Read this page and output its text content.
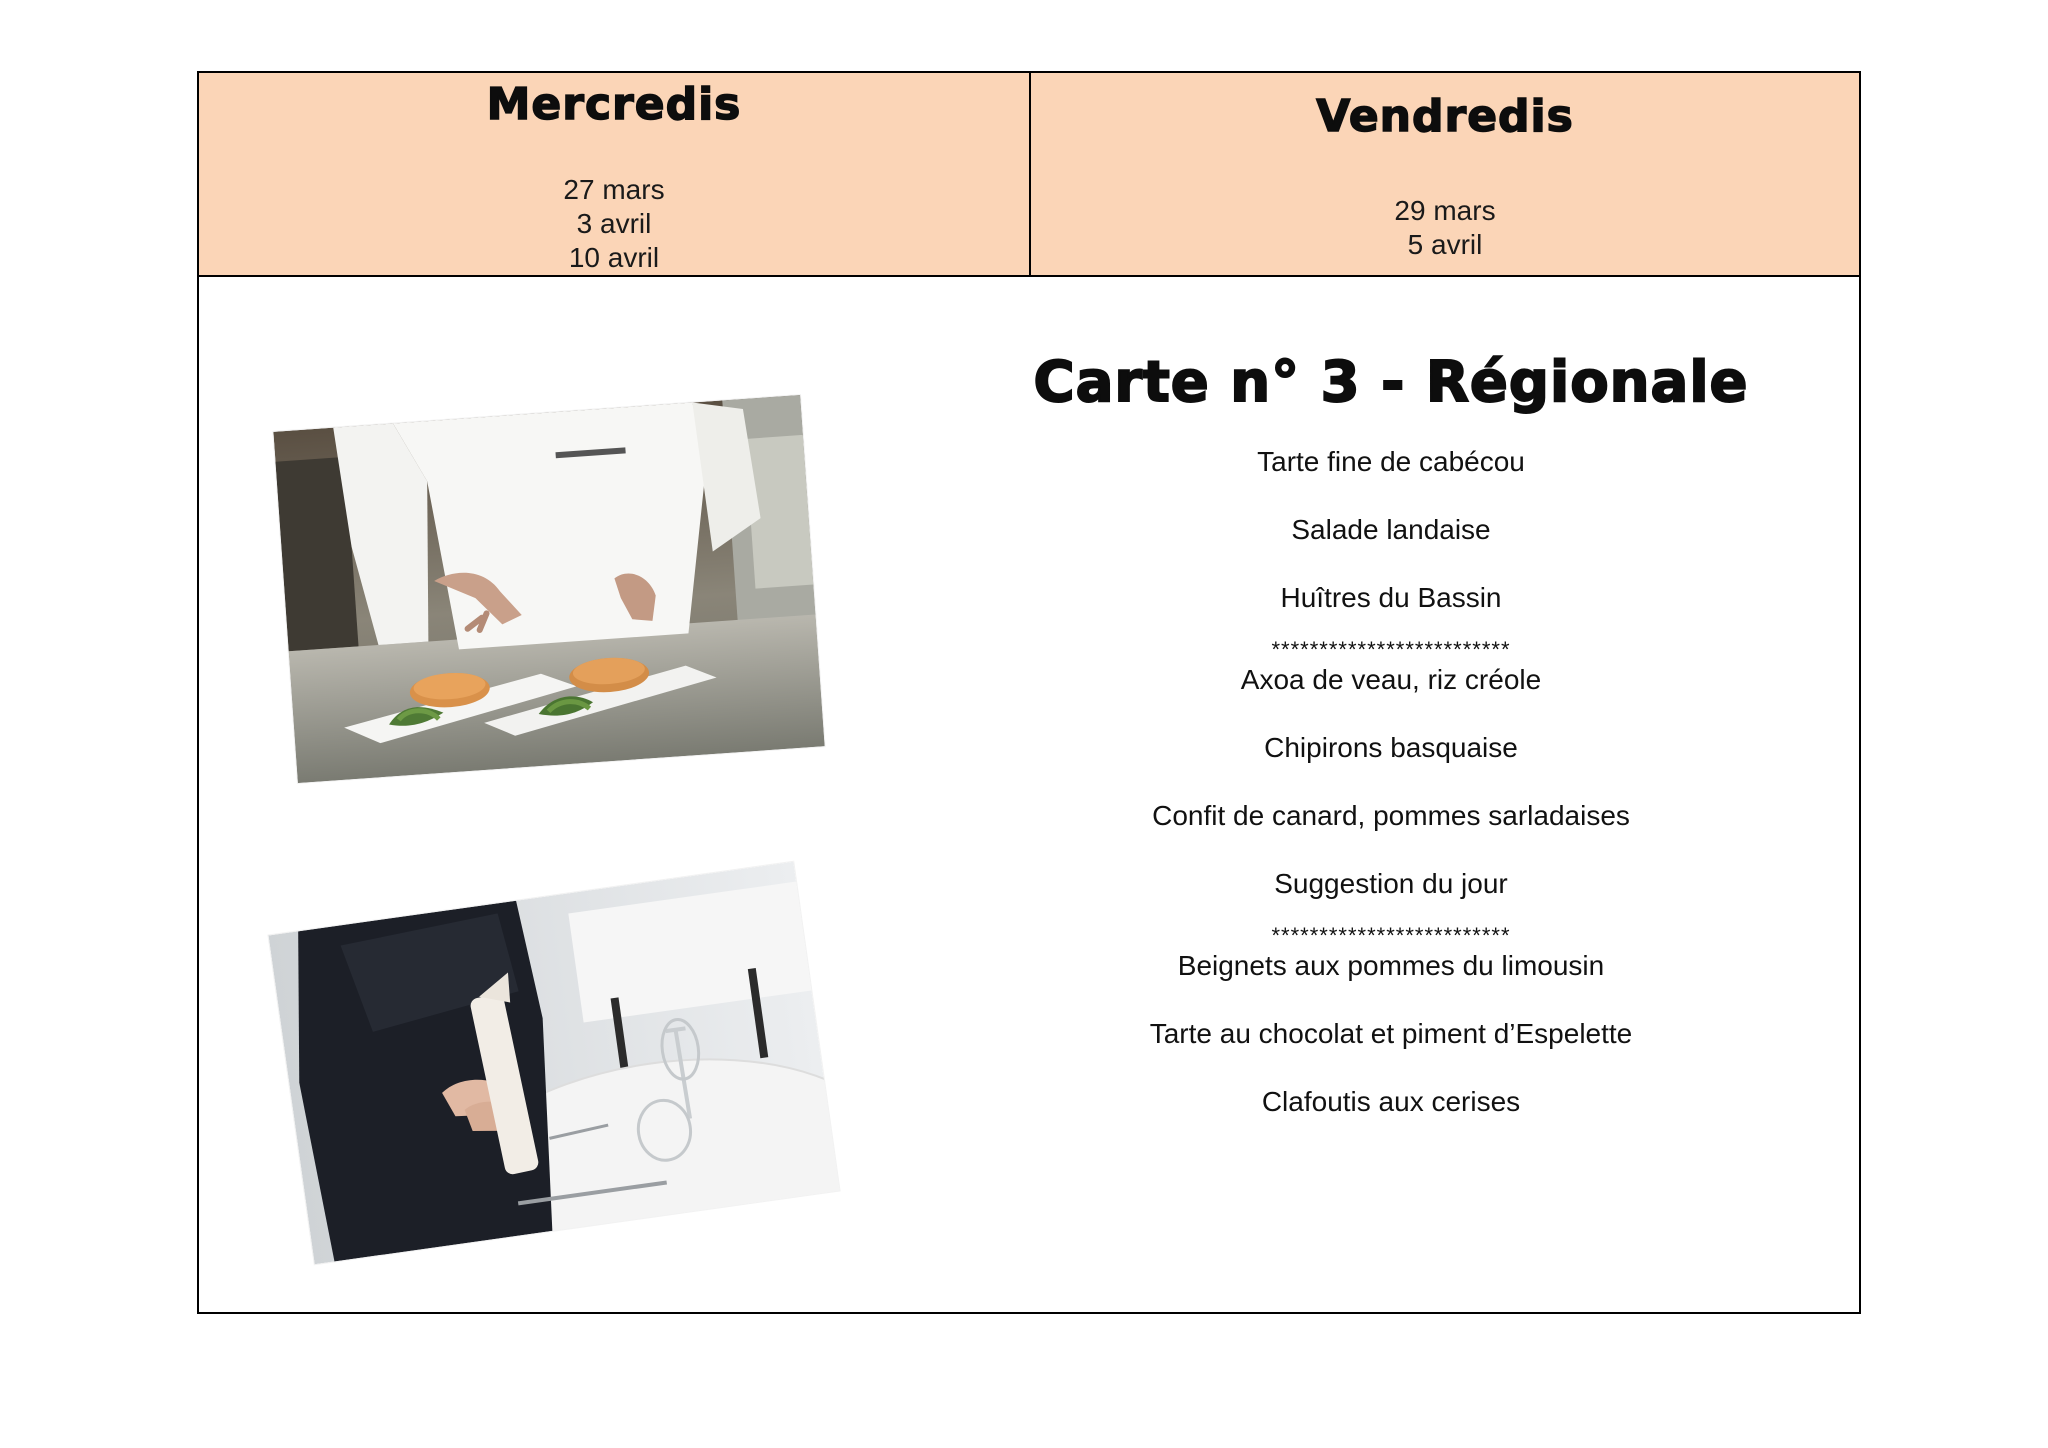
Mercredis
27 mars
3 avril
10 avril
Vendredis
29 mars
5 avril
Carte n° 3 - Régionale
Tarte fine de cabécou
Salade landaise
Huîtres du Bassin
*************************
Axoa de veau, riz créole
Chipirons basquaise
Confit de canard, pommes sarladaises
Suggestion du jour
*************************
Beignets aux pommes du limousin
Tarte au chocolat et piment d’Espelette
Clafoutis aux cerises
